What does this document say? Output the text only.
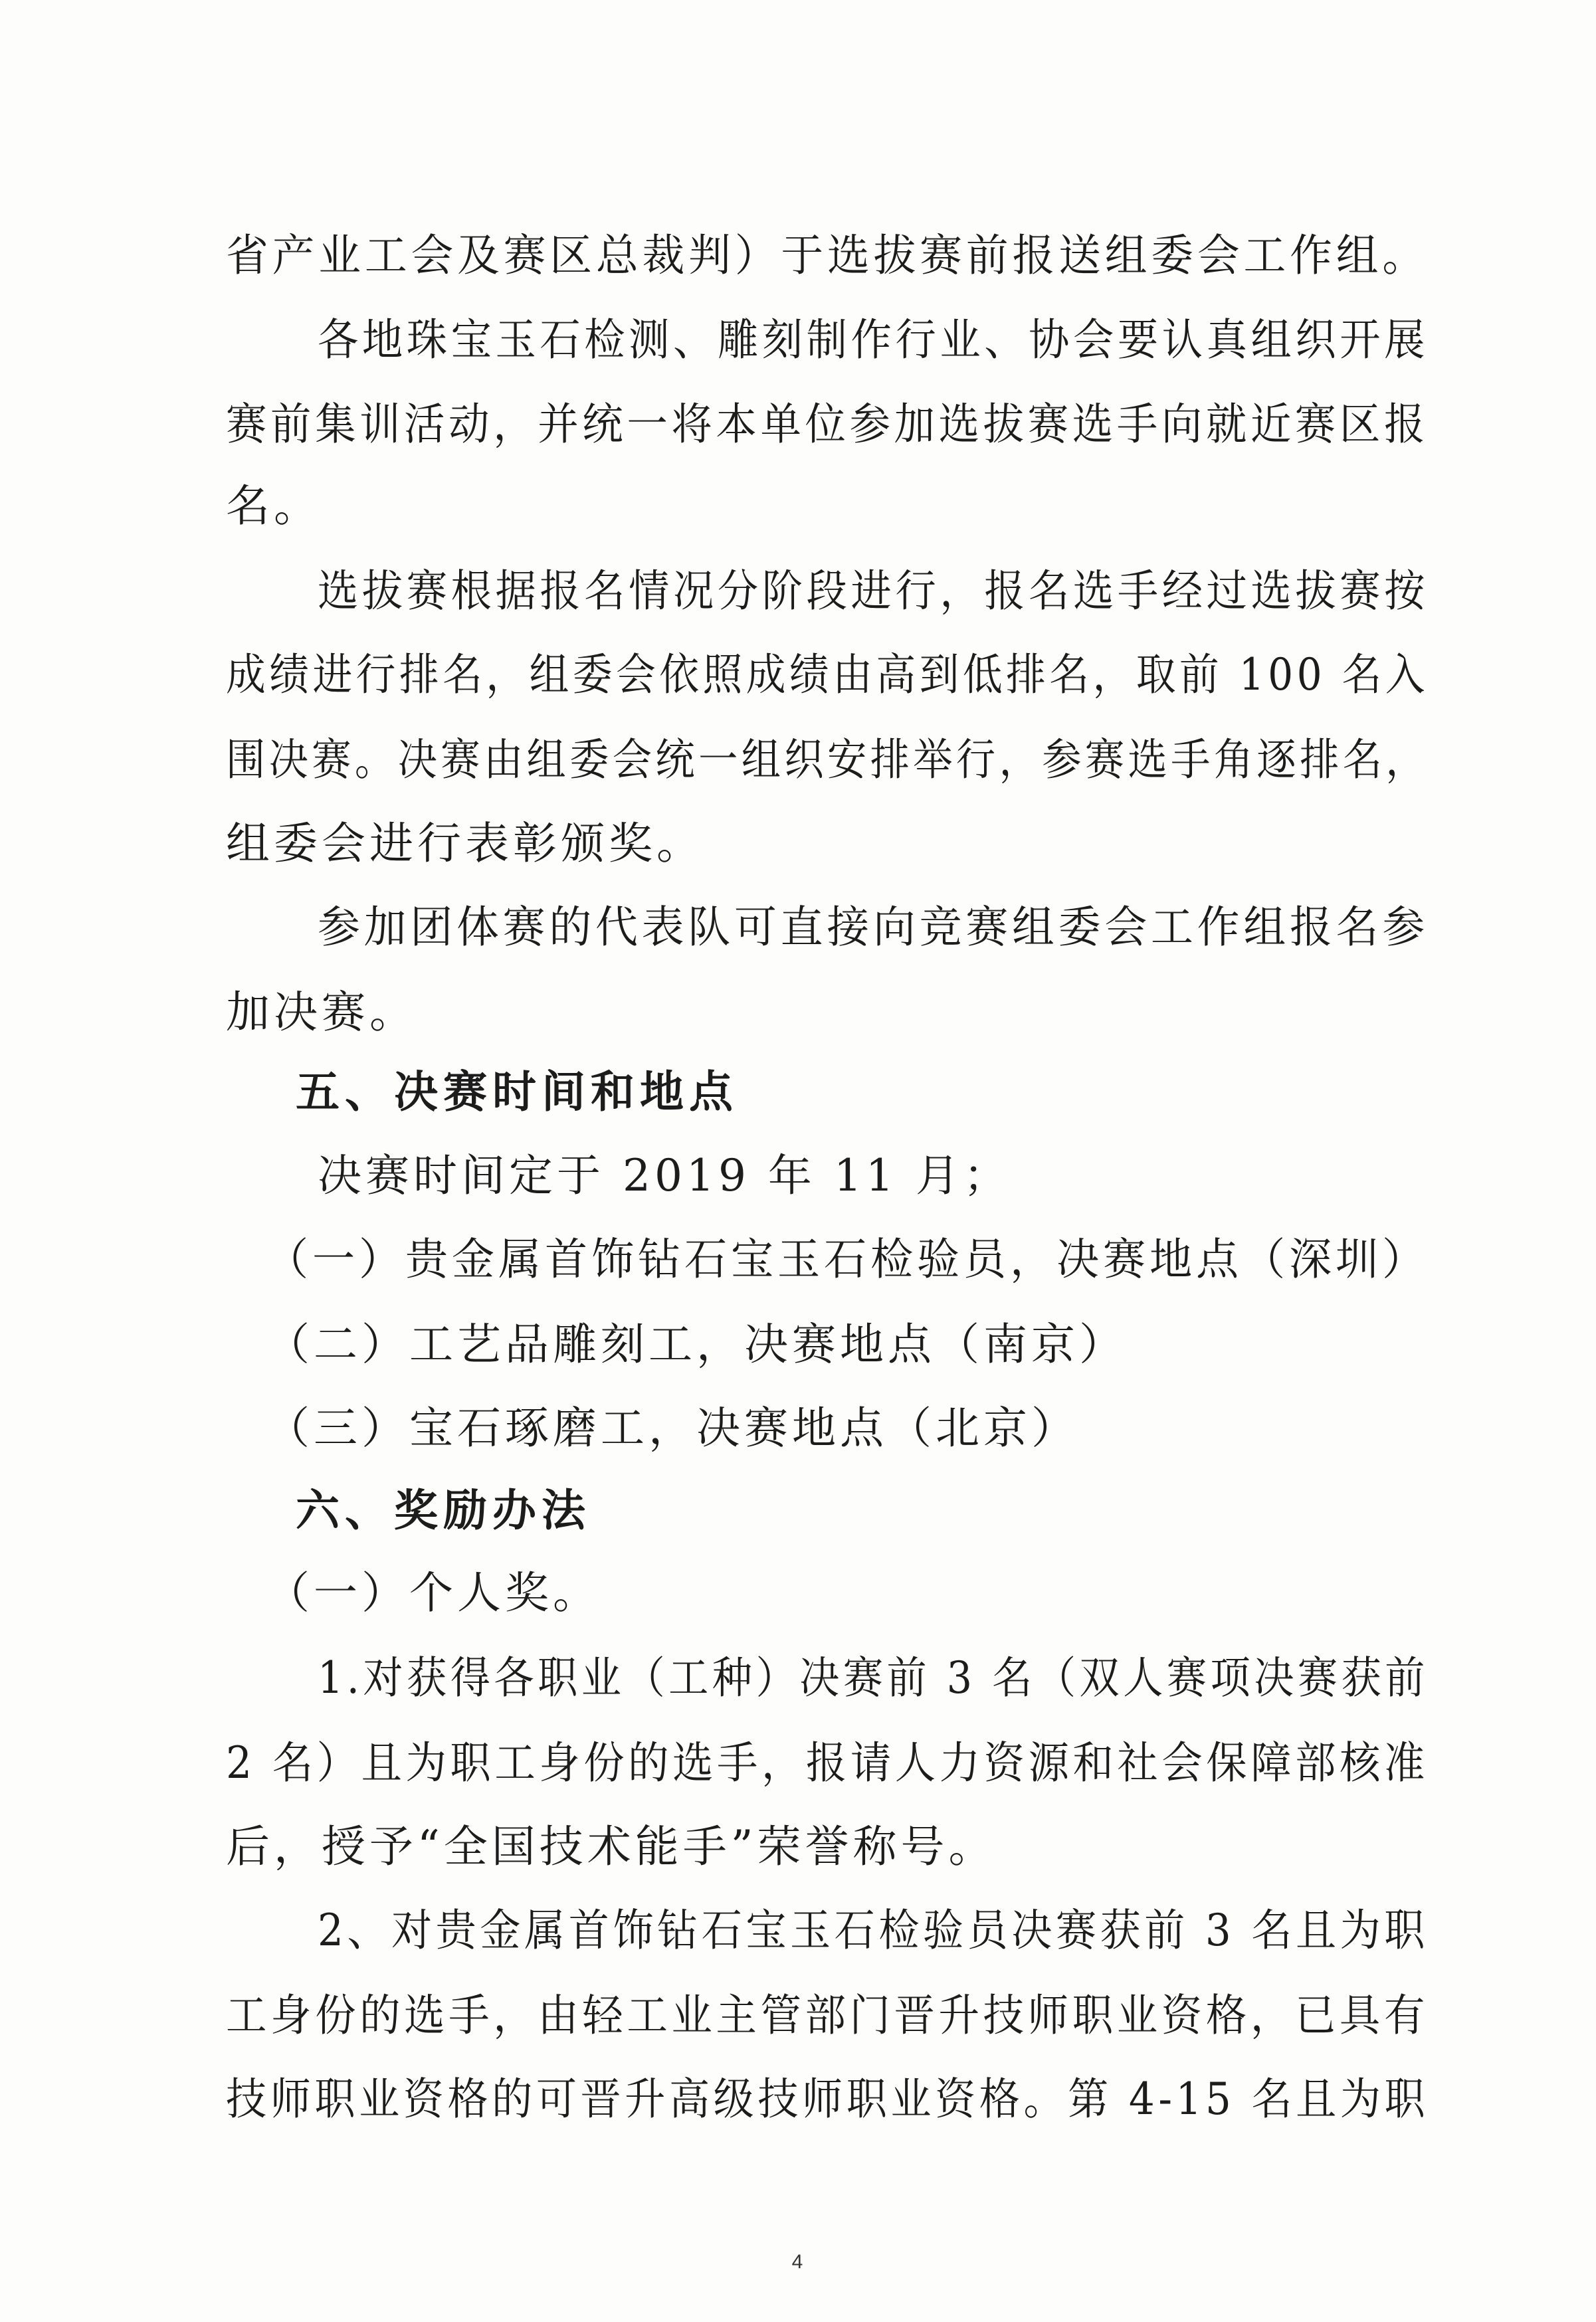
省产业工会及赛区总裁判）于选拔赛前报送组委会工作组。
各地珠宝玉石检测、雕刻制作行业、协会要认真组织开展
赛前集训活动，并统一将本单位参加选拔赛选手向就近赛区报
名。
选拔赛根据报名情况分阶段进行，报名选手经过选拔赛按
成绩进行排名，组委会依照成绩由高到低排名，取前 100 名入
围决赛。决赛由组委会统一组织安排举行，参赛选手角逐排名，
组委会进行表彰颁奖。
参加团体赛的代表队可直接向竞赛组委会工作组报名参
加决赛。
五、决赛时间和地点
决赛时间定于 2019 年 11 月；
（一）贵金属首饰钻石宝玉石检验员，决赛地点（深圳）
（二）工艺品雕刻工，决赛地点（南京）
（三）宝石琢磨工，决赛地点（北京）
六、奖励办法
（一）个人奖。
1.对获得各职业（工种）决赛前 3 名（双人赛项决赛获前
2 名）且为职工身份的选手，报请人力资源和社会保障部核准
后，授予“全国技术能手”荣誉称号。
2、对贵金属首饰钻石宝玉石检验员决赛获前 3 名且为职
工身份的选手，由轻工业主管部门晋升技师职业资格，已具有
技师职业资格的可晋升高级技师职业资格。第 4-15 名且为职
4
